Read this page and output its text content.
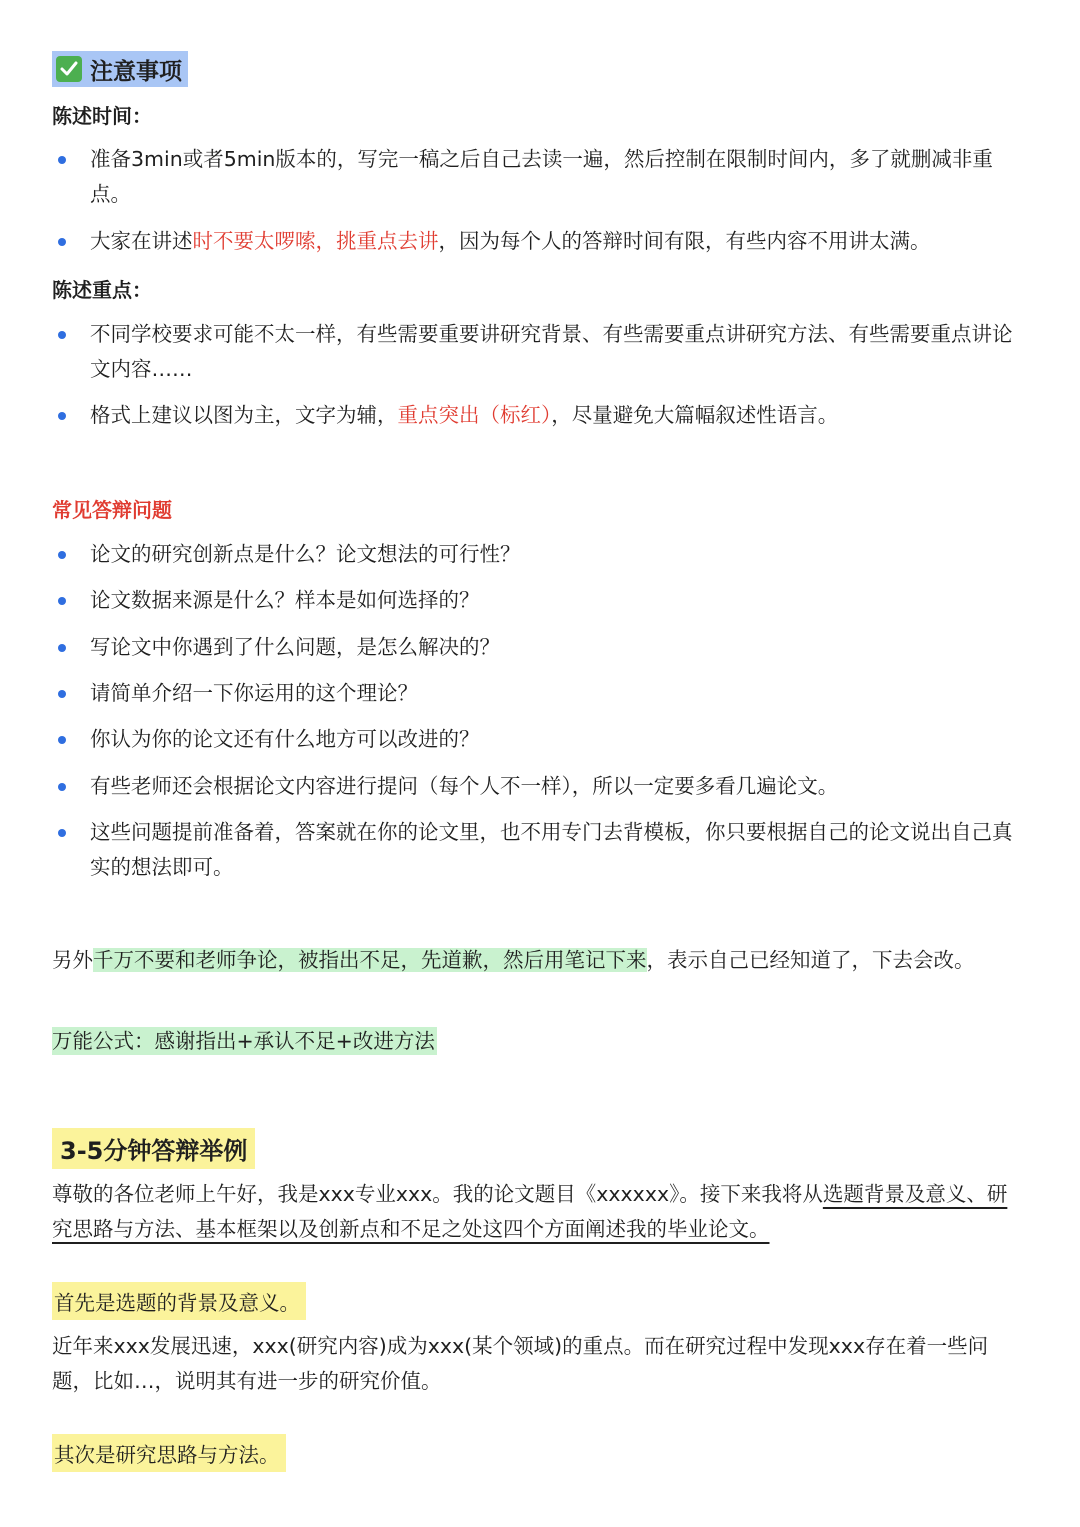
注意事项
陈述时间：
准备3min或者5min版本的，写完一稿之后自己去读一遍，然后控制在限制时间内，多了就删减非重点。
大家在讲述时不要太啰嗦，挑重点去讲，因为每个人的答辩时间有限，有些内容不用讲太满。
陈述重点：
不同学校要求可能不太一样，有些需要重要讲研究背景、有些需要重点讲研究方法、有些需要重点讲论文内容……
格式上建议以图为主，文字为辅，重点突出（标红），尽量避免大篇幅叙述性语言。
常见答辩问题
论文的研究创新点是什么？论文想法的可行性？
论文数据来源是什么？样本是如何选择的？
写论文中你遇到了什么问题，是怎么解决的？
请简单介绍一下你运用的这个理论？
你认为你的论文还有什么地方可以改进的？
有些老师还会根据论文内容进行提问（每个人不一样），所以一定要多看几遍论文。
这些问题提前准备着，答案就在你的论文里，也不用专门去背模板，你只要根据自己的论文说出自己真实的想法即可。
另外千万不要和老师争论，被指出不足，先道歉，然后用笔记下来，表示自己已经知道了，下去会改。
万能公式：感谢指出+承认不足+改进方法
3-5分钟答辩举例
尊敬的各位老师上午好，我是xxx专业xxx。我的论文题目《xxxxxx》。接下来我将从选题背景及意义、研究思路与方法、基本框架以及创新点和不足之处这四个方面阐述我的毕业论文。
首先是选题的背景及意义。
近年来xxx发展迅速，xxx(研究内容)成为xxx(某个领域)的重点。而在研究过程中发现xxx存在着一些问题，比如…，说明其有进一步的研究价值。
其次是研究思路与方法。
